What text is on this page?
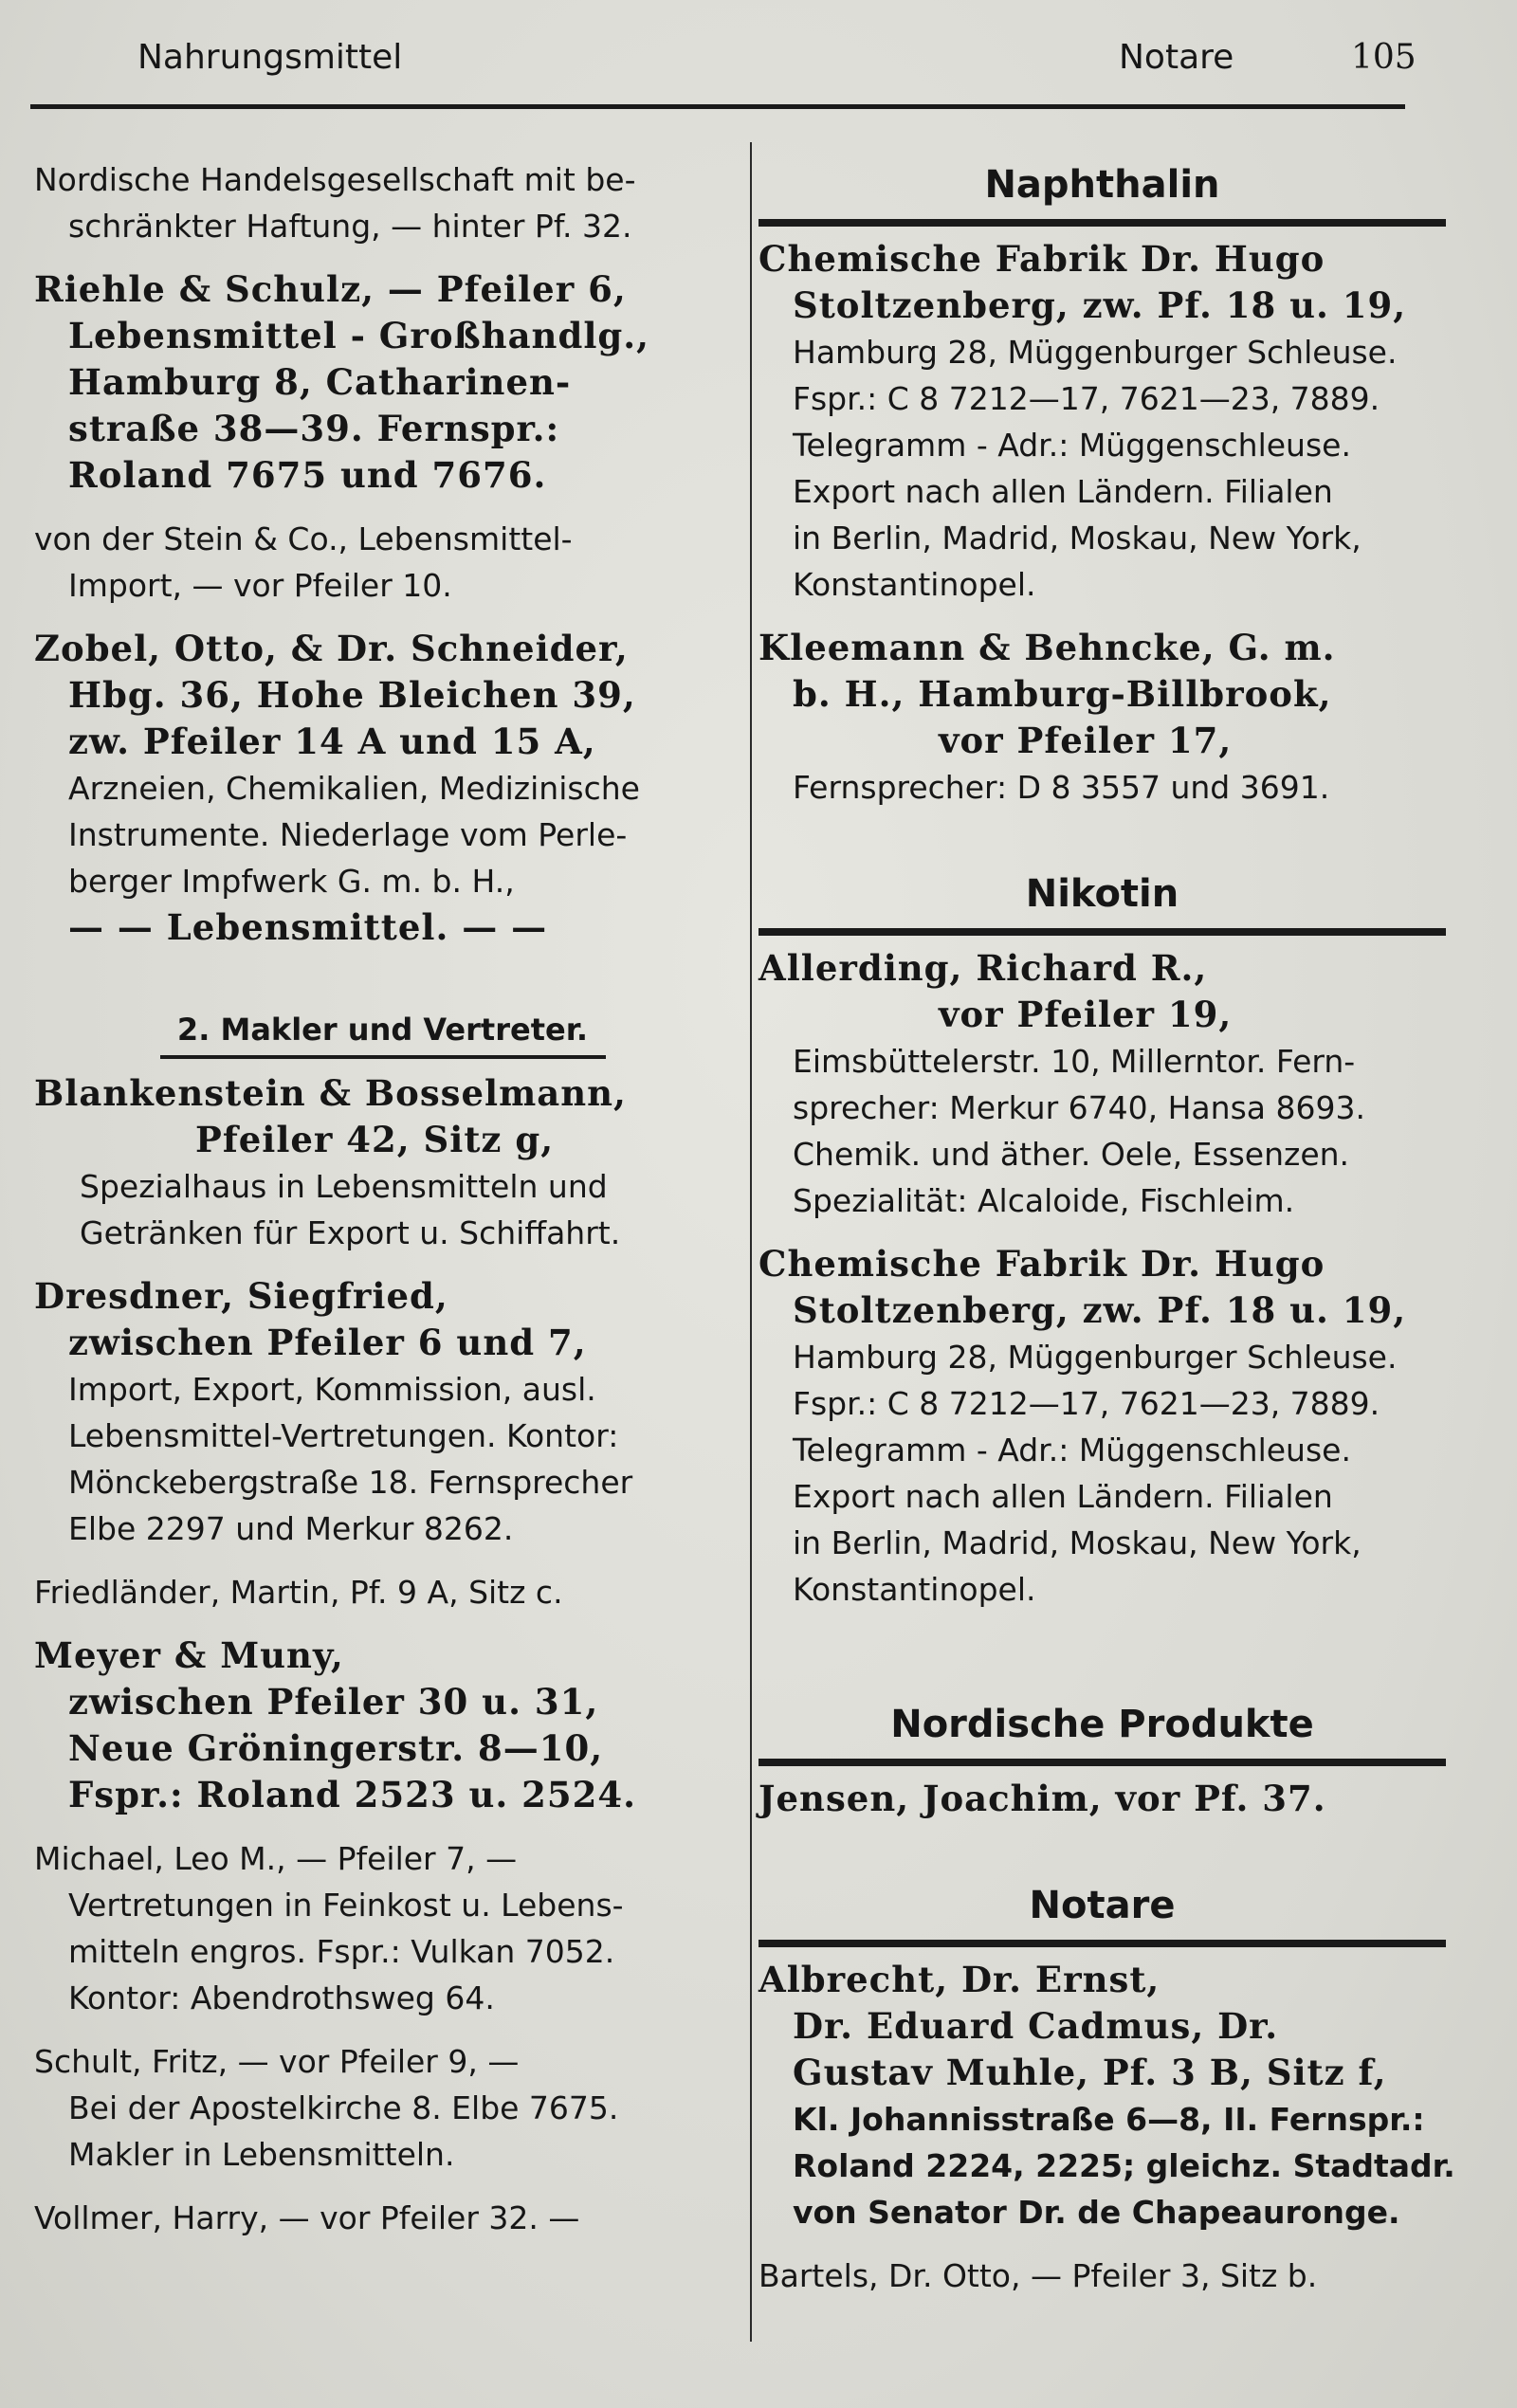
Nahrungsmittel	Notare	105
Nordische Handelsgesellschaft mit be-
schränkter Haftung, — hinter Pf. 32.
Riehle & Schulz, — Pfeiler 6,
Lebensmittel - Großhandlg.,
Hamburg 8, Catharinen-
straße 38—39. Fernspr.:
Roland 7675 und 7676.
von der Stein & Co., Lebensmittel-
Import, — vor Pfeiler 10.
Zobel, Otto, & Dr. Schneider,
Hbg. 36, Hohe Bleichen 39,
zw. Pfeiler 14 A und 15 A,
Arzneien, Chemikalien, Medizinische
Instrumente. Niederlage vom Perle-
berger Impfwerk G. m. b. H.,
— — Lebensmittel. — —
2. Makler und Vertreter.
Blankenstein & Bosselmann,
Pfeiler 42, Sitz g,
Spezialhaus in Lebensmitteln und
Getränken für Export u. Schiffahrt.
Dresdner, Siegfried,
zwischen Pfeiler 6 und 7,
Import, Export, Kommission, ausl.
Lebensmittel-Vertretungen. Kontor:
Mönckebergstraße 18. Fernsprecher
Elbe 2297 und Merkur 8262.
Friedländer, Martin, Pf. 9 A, Sitz c.
Meyer & Muny,
zwischen Pfeiler 30 u. 31,
Neue Gröningerstr. 8—10,
Fspr.: Roland 2523 u. 2524.
Michael, Leo M., — Pfeiler 7, —
Vertretungen in Feinkost u. Lebens-
mitteln engros. Fspr.: Vulkan 7052.
Kontor: Abendrothsweg 64.
Schult, Fritz, — vor Pfeiler 9, —
Bei der Apostelkirche 8. Elbe 7675.
Makler in Lebensmitteln.
Vollmer, Harry, — vor Pfeiler 32. —
Naphthalin
Chemische Fabrik Dr. Hugo
Stoltzenberg, zw. Pf. 18 u. 19,
Hamburg 28, Müggenburger Schleuse.
Fspr.: C 8 7212—17, 7621—23, 7889.
Telegramm - Adr.: Müggenschleuse.
Export nach allen Ländern. Filialen
in Berlin, Madrid, Moskau, New York,
Konstantinopel.
Kleemann & Behncke, G. m.
b. H., Hamburg-Billbrook,
vor Pfeiler 17,
Fernsprecher: D 8 3557 und 3691.
Nikotin
Allerding, Richard R.,
vor Pfeiler 19,
Eimsbüttelerstr. 10, Millerntor. Fern-
sprecher: Merkur 6740, Hansa 8693.
Chemik. und äther. Oele, Essenzen.
Spezialität: Alcaloide, Fischleim.
Chemische Fabrik Dr. Hugo
Stoltzenberg, zw. Pf. 18 u. 19,
Hamburg 28, Müggenburger Schleuse.
Fspr.: C 8 7212—17, 7621—23, 7889.
Telegramm - Adr.: Müggenschleuse.
Export nach allen Ländern. Filialen
in Berlin, Madrid, Moskau, New York,
Konstantinopel.
Nordische Produkte
Jensen, Joachim, vor Pf. 37.
Notare
Albrecht, Dr. Ernst,
Dr. Eduard Cadmus, Dr.
Gustav Muhle, Pf. 3 B, Sitz f,
Kl. Johannisstraße 6—8, II. Fernspr.:
Roland 2224, 2225; gleichz. Stadtadr.
von Senator Dr. de Chapeauronge.
Bartels, Dr. Otto, — Pfeiler 3, Sitz b.
